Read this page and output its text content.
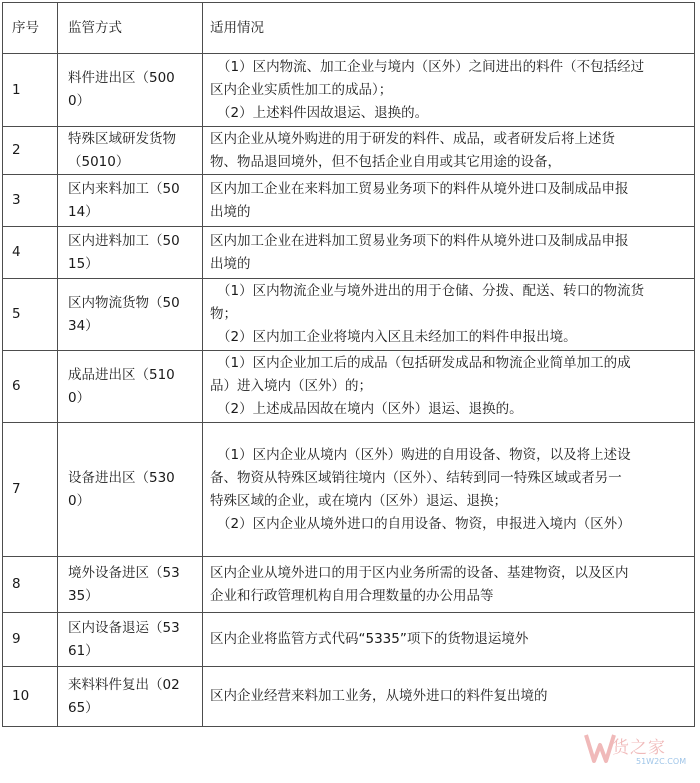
序号	监管方式	适用情况
1	料件进出区（500
0）	（1）区内物流、加工企业与境内（区外）之间进出的料件（不包括经过
区内企业实质性加工的成品）；
（2）上述料件因故退运、退换的。

2	特殊区域研发货物
（5010）	区内企业从境外购进的用于研发的料件、成品，或者研发后将上述货
物、物品退回境外，但不包括企业自用或其它用途的设备，

3	区内来料加工（50
14）	区内加工企业在来料加工贸易业务项下的料件从境外进口及制成品申报
出境的

4	区内进料加工（50
15）	区内加工企业在进料加工贸易业务项下的料件从境外进口及制成品申报
出境的

5	区内物流货物（50
34）	（1）区内物流企业与境外进出的用于仓储、分拨、配送、转口的物流货
物；
（2）区内加工企业将境内入区且未经加工的料件申报出境。

6	成品进出区（510
0）	（1）区内企业加工后的成品（包括研发成品和物流企业简单加工的成
品）进入境内（区外）的；
（2）上述成品因故在境内（区外）退运、退换的。

7	设备进出区（530
0）	（1）区内企业从境内（区外）购进的自用设备、物资，以及将上述设
备、物资从特殊区域销往境内（区外）、结转到同一特殊区域或者另一
特殊区域的企业，或在境内（区外）退运、退换；
（2）区内企业从境外进口的自用设备、物资，申报进入境内（区外）

8	境外设备进区（53
35）	区内企业从境外进口的用于区内业务所需的设备、基建物资，以及区内
企业和行政管理机构自用合理数量的办公用品等

9	区内设备退运（53
61）	区内企业将监管方式代码“5335”项下的货物退运境外

10	来料料件复出（02
65）	区内企业经营来料加工业务，从境外进口的料件复出境的
货之家
51W2C.COM
